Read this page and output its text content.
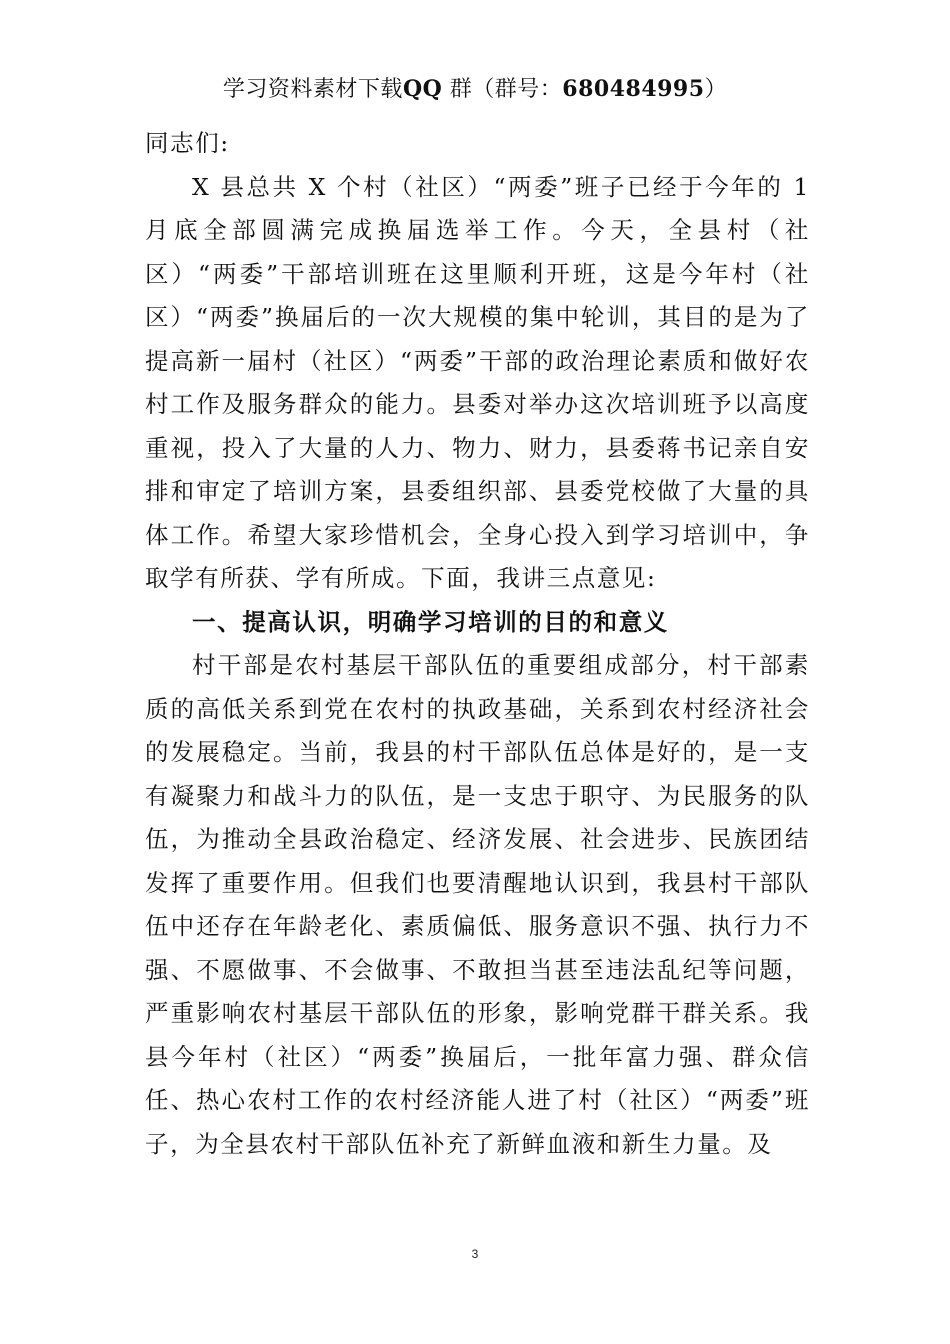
学习资料素材下载QQ 群（群号：680484995）

同志们:

X 县总共 X 个村（社区）“两委”班子已经于今年的 1 月底全部圆满完成换届选举工作。今天，全县村（社区）“两委”干部培训班在这里顺利开班，这是今年村（社区）“两委”换届后的一次大规模的集中轮训，其目的是为了提高新一届村（社区）“两委”干部的政治理论素质和做好农村工作及服务群众的能力。县委对举办这次培训班予以高度重视，投入了大量的人力、物力、财力，县委蒋书记亲自安排和审定了培训方案，县委组织部、县委党校做了大量的具体工作。希望大家珍惜机会，全身心投入到学习培训中，争取学有所获、学有所成。下面，我讲三点意见:

一、提高认识，明确学习培训的目的和意义

村干部是农村基层干部队伍的重要组成部分，村干部素质的高低关系到党在农村的执政基础，关系到农村经济社会的发展稳定。当前，我县的村干部队伍总体是好的，是一支有凝聚力和战斗力的队伍，是一支忠于职守、为民服务的队伍，为推动全县政治稳定、经济发展、社会进步、民族团结发挥了重要作用。但我们也要清醒地认识到，我县村干部队伍中还存在年龄老化、素质偏低、服务意识不强、执行力不强、不愿做事、不会做事、不敢担当甚至违法乱纪等问题，严重影响农村基层干部队伍的形象，影响党群干群关系。我县今年村（社区）“两委”换届后，一批年富力强、群众信任、热心农村工作的农村经济能人进了村（社区）“两委”班子，为全县农村干部队伍补充了新鲜血液和新生力量。及

3
